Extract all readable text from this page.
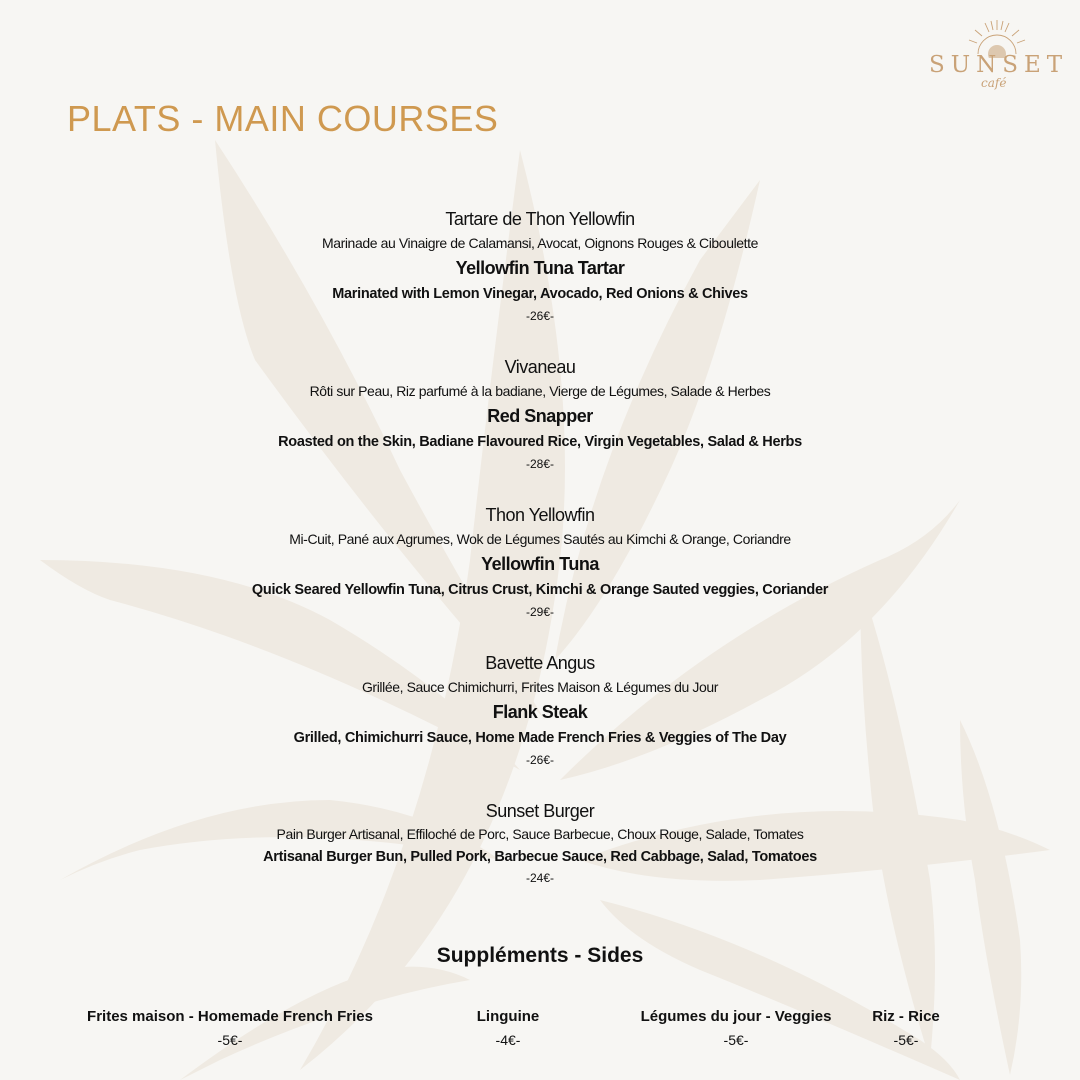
SUNSET
café
PLATS - MAIN COURSES
Tartare de Thon Yellowfin
Marinade au Vinaigre de Calamansi, Avocat, Oignons Rouges & Ciboulette
Yellowfin Tuna Tartar
Marinated with Lemon Vinegar, Avocado, Red Onions & Chives
-26€-
Vivaneau
Rôti sur Peau, Riz parfumé à la badiane, Vierge de Légumes, Salade & Herbes
Red Snapper
Roasted on the Skin, Badiane Flavoured Rice, Virgin Vegetables, Salad & Herbs
-28€-
Thon Yellowfin
Mi-Cuit, Pané aux Agrumes, Wok de Légumes Sautés au Kimchi & Orange, Coriandre
Yellowfin Tuna
Quick Seared Yellowfin Tuna, Citrus Crust, Kimchi & Orange Sauted veggies, Coriander
-29€-
Bavette Angus
Grillée, Sauce Chimichurri, Frites Maison & Légumes du Jour
Flank Steak
Grilled, Chimichurri Sauce, Home Made French Fries & Veggies of The Day
-26€-
Sunset Burger
Pain Burger Artisanal, Effiloché de Porc, Sauce Barbecue, Choux Rouge, Salade, Tomates
Artisanal Burger Bun, Pulled Pork, Barbecue Sauce, Red Cabbage, Salad, Tomatoes
-24€-
Suppléments - Sides
Frites maison - Homemade French Fries
-5€-
Linguine
-4€-
Légumes du jour - Veggies
-5€-
Riz - Rice
-5€-
